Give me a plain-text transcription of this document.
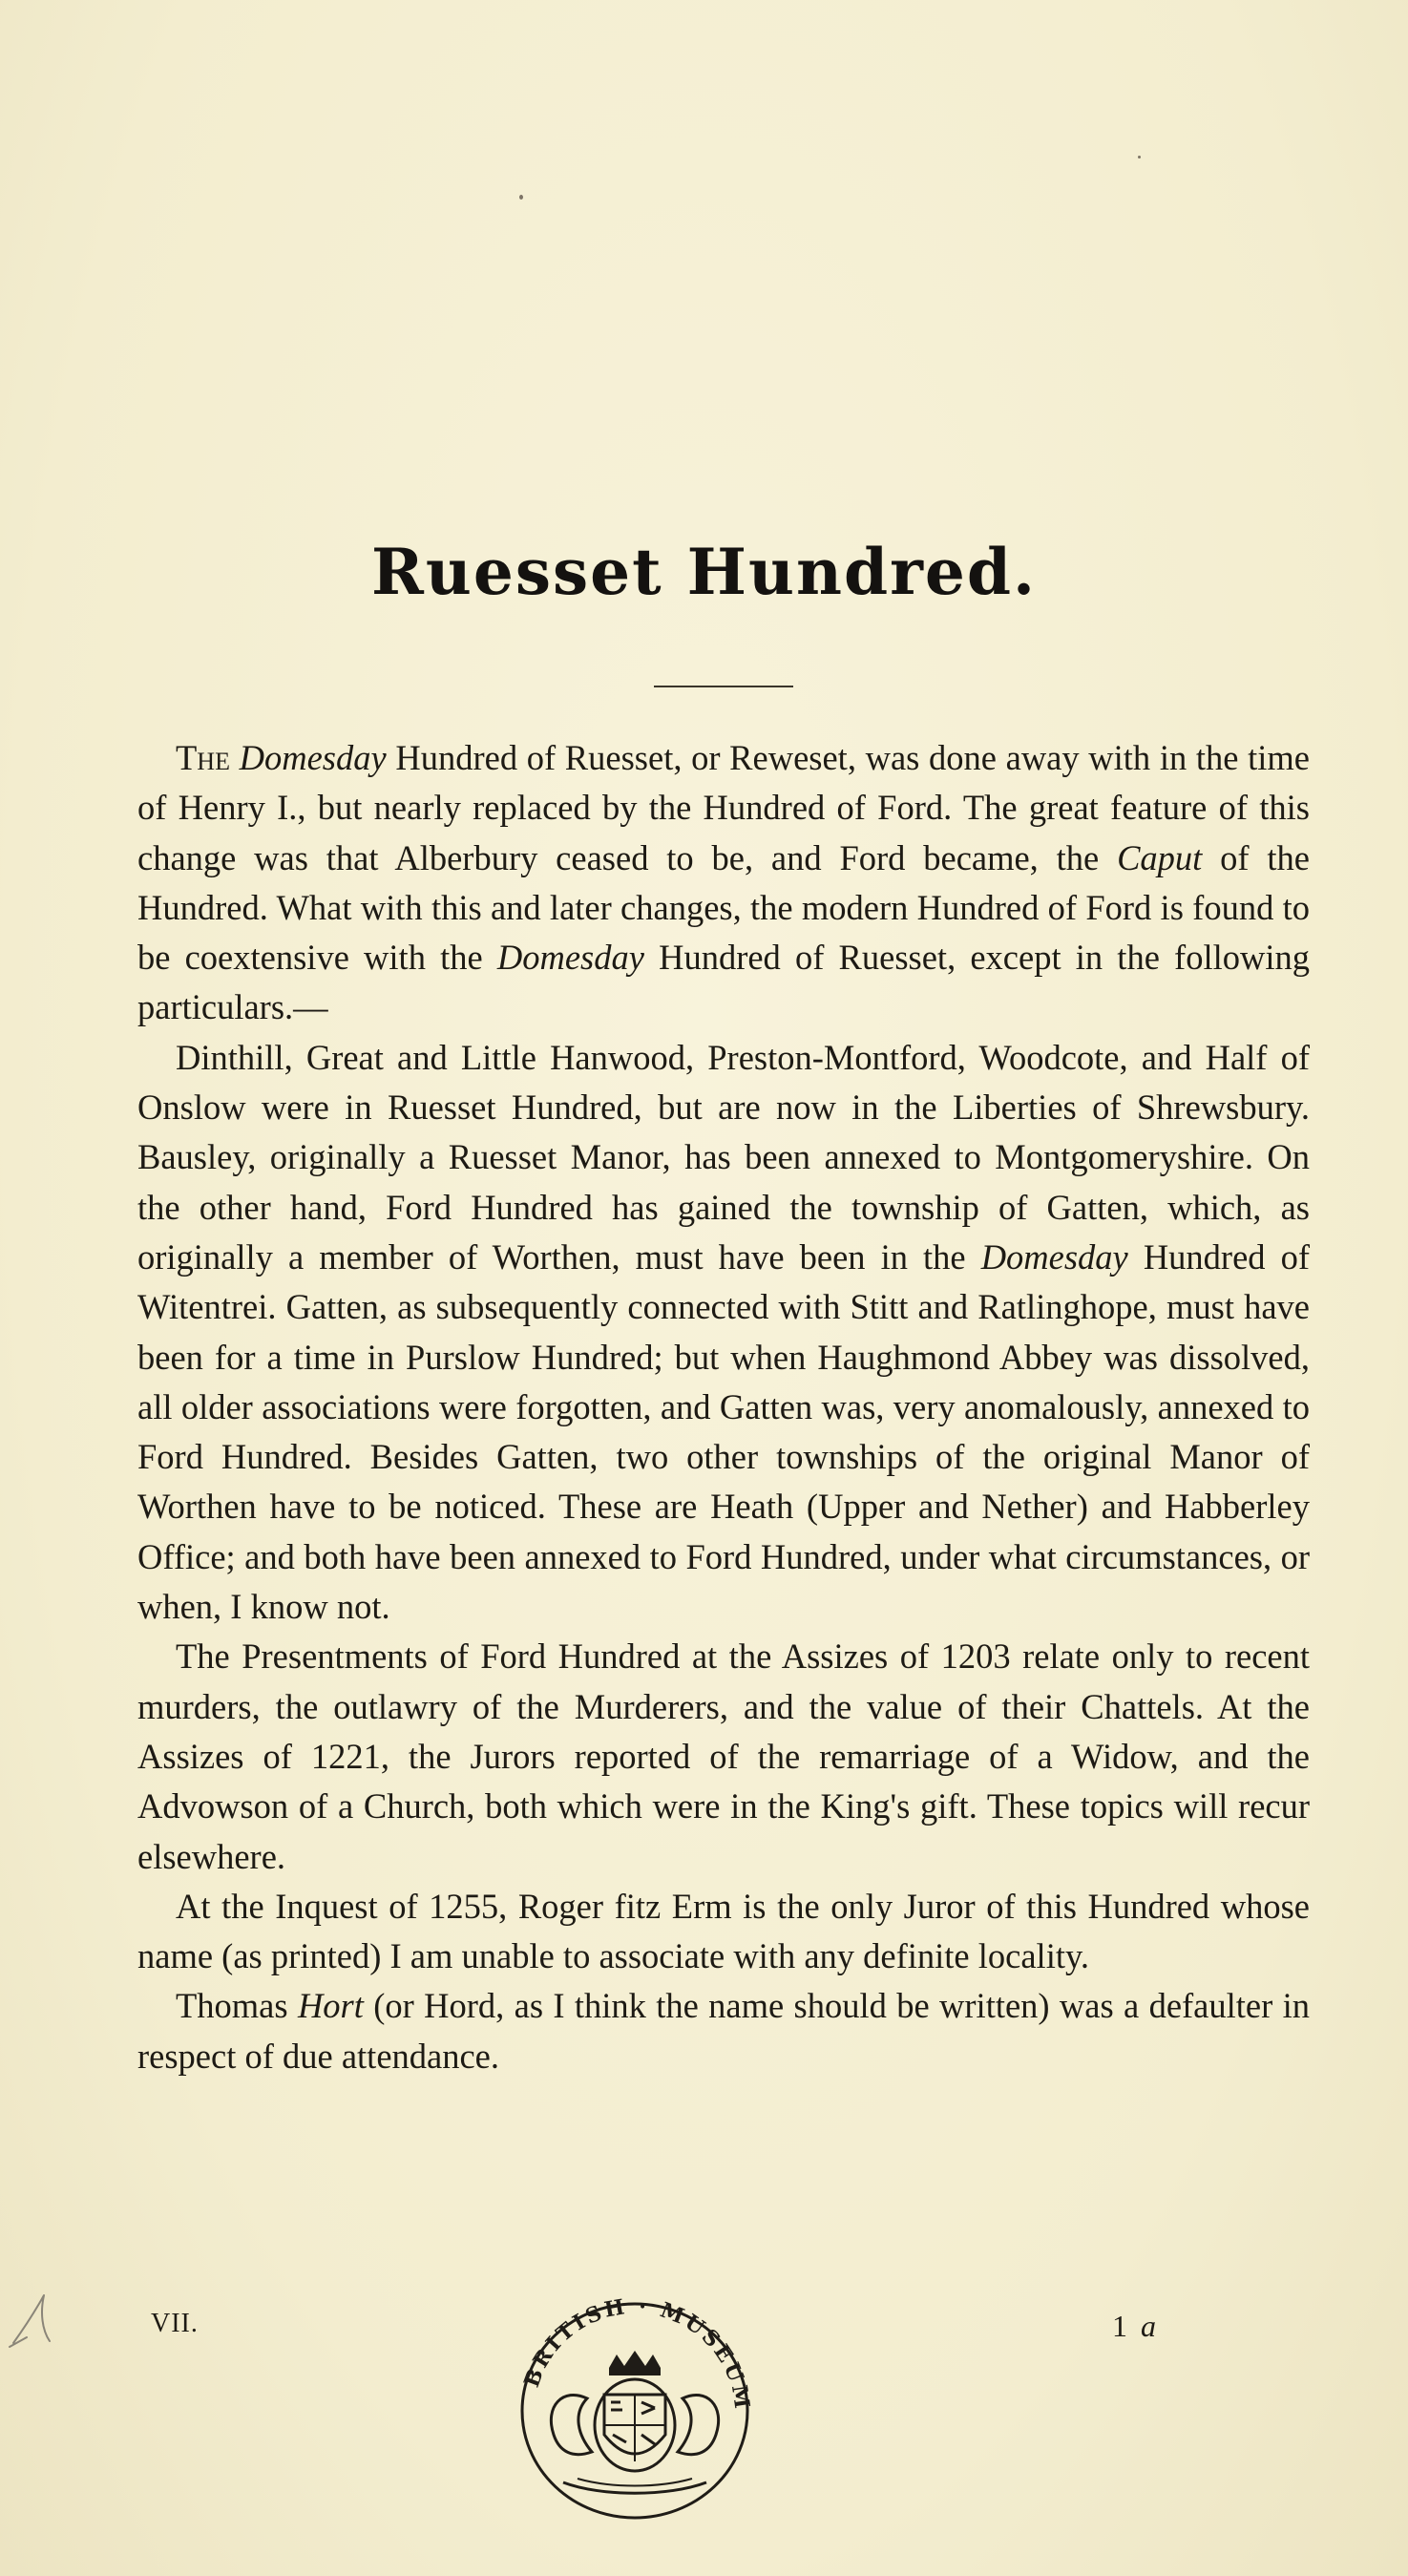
Ruesset Hundred.

The Domesday Hundred of Ruesset, or Reweset, was done away with in the time of Henry I., but nearly replaced by the Hundred of Ford. The great feature of this change was that Alberbury ceased to be, and Ford became, the Caput of the Hundred. What with this and later changes, the modern Hundred of Ford is found to be coextensive with the Domesday Hundred of Ruesset, except in the following particulars.—

Dinthill, Great and Little Hanwood, Preston-Montford, Woodcote, and Half of Onslow were in Ruesset Hundred, but are now in the Liberties of Shrewsbury. Bausley, originally a Ruesset Manor, has been annexed to Montgomeryshire. On the other hand, Ford Hundred has gained the township of Gatten, which, as originally a member of Worthen, must have been in the Domesday Hundred of Witentrei. Gatten, as subsequently connected with Stitt and Ratlinghope, must have been for a time in Purslow Hundred; but when Haughmond Abbey was dissolved, all older associations were forgotten, and Gatten was, very anomalously, annexed to Ford Hundred. Besides Gatten, two other townships of the original Manor of Worthen have to be noticed. These are Heath (Upper and Nether) and Habberley Office; and both have been annexed to Ford Hundred, under what circumstances, or when, I know not.

The Presentments of Ford Hundred at the Assizes of 1203 relate only to recent murders, the outlawry of the Murderers, and the value of their Chattels. At the Assizes of 1221, the Jurors reported of the remarriage of a Widow, and the Advowson of a Church, both which were in the King's gift. These topics will recur elsewhere.

At the Inquest of 1255, Roger fitz Erm is the only Juror of this Hundred whose name (as printed) I am unable to associate with any definite locality.

Thomas Hort (or Hord, as I think the name should be written) was a defaulter in respect of due attendance.

VII.	1 a
BRITISH · MUSEUM
